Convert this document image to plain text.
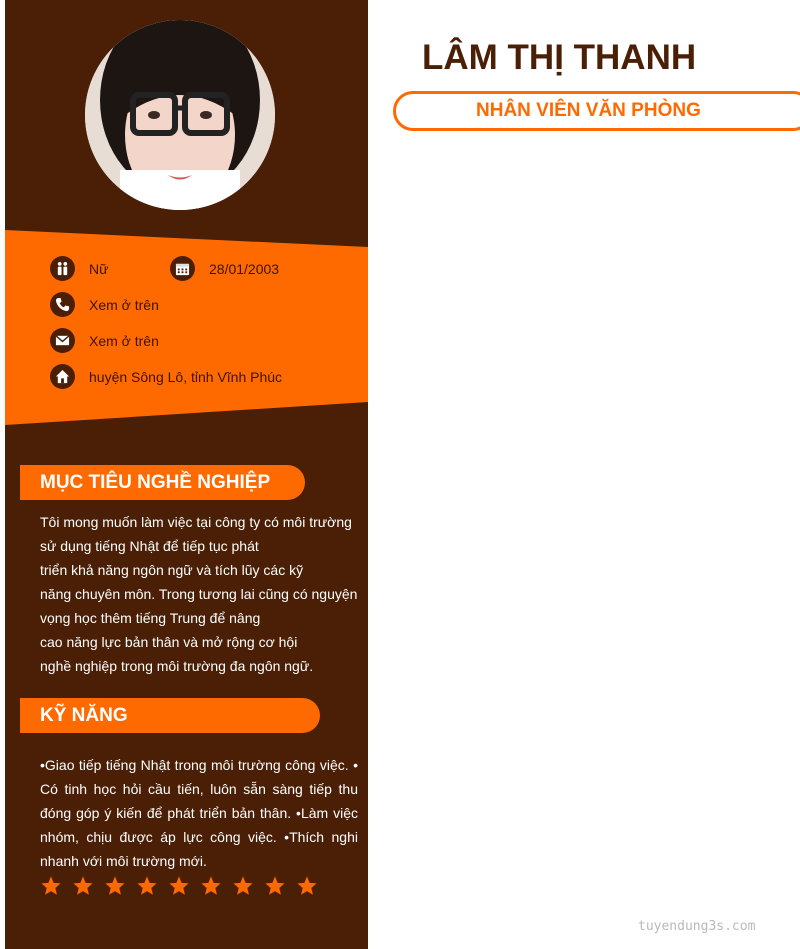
Nữ	28/01/2003
Xem ở trên
Xem ở trên
huyện Sông Lô, tỉnh Vĩnh Phúc
MỤC TIÊU NGHỀ NGHIỆP
Tôi mong muốn làm việc tại công ty có môi trường
sử dụng tiếng Nhật để tiếp tục phát
triển khả năng ngôn ngữ và tích lũy các kỹ
năng chuyên môn. Trong tương lai cũng có nguyện
vọng học thêm tiếng Trung để nâng
cao năng lực bản thân và mở rộng cơ hội
nghề nghiệp trong môi trường đa ngôn ngữ.
KỸ NĂNG
•Giao tiếp tiếng Nhật trong môi trường công việc. • Có tinh học hỏi cầu tiến, luôn sẵn sàng tiếp thu đóng góp ý kiến để phát triển bản thân. •Làm việc nhóm, chịu được áp lực công việc. •Thích nghi nhanh với môi trường mới.
LÂM THỊ THANH
NHÂN VIÊN VĂN PHÒNG
tuyendung3s.com
